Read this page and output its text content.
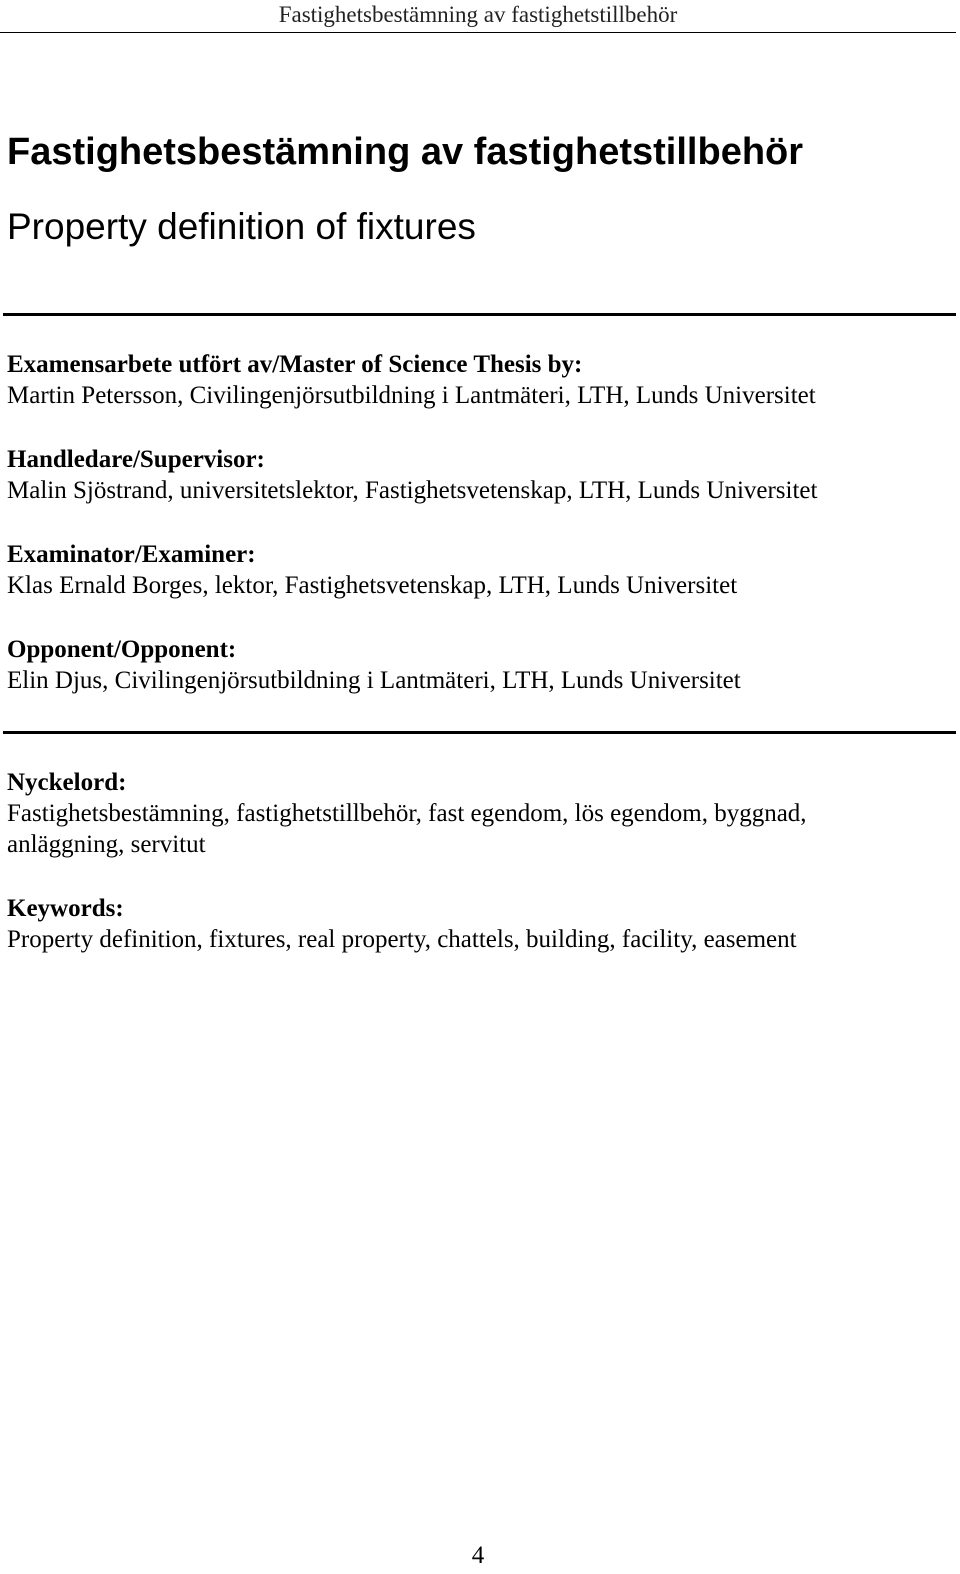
Fastighetsbestämning av fastighetstillbehör
Fastighetsbestämning av fastighetstillbehör
Property definition of fixtures
Examensarbete utfört av/Master of Science Thesis by:
Martin Petersson, Civilingenjörsutbildning i Lantmäteri, LTH, Lunds Universitet
Handledare/Supervisor:
Malin Sjöstrand, universitetslektor, Fastighetsvetenskap, LTH, Lunds Universitet
Examinator/Examiner:
Klas Ernald Borges, lektor, Fastighetsvetenskap, LTH, Lunds Universitet
Opponent/Opponent:
Elin Djus, Civilingenjörsutbildning i Lantmäteri, LTH, Lunds Universitet
Nyckelord:
Fastighetsbestämning, fastighetstillbehör, fast egendom, lös egendom, byggnad, anläggning, servitut
Keywords:
Property definition, fixtures, real property, chattels, building, facility, easement
4
